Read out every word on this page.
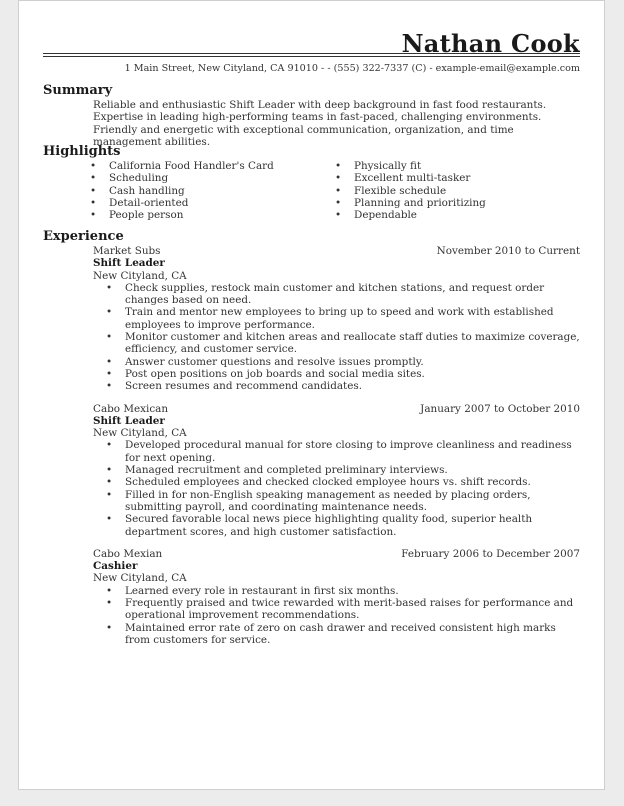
Nathan Cook
1 Main Street, New Cityland, CA 91010 - - (555) 322-7337 (C) - example-email@example.com
Summary
Reliable and enthusiastic Shift Leader with deep background in fast food restaurants. Expertise in leading high-performing teams in fast-paced, challenging environments. Friendly and energetic with exceptional communication, organization, and time management abilities.
Highlights
• California Food Handler's Card
• Scheduling
• Cash handling
• Detail-oriented
• People person
• Physically fit
• Excellent multi-tasker
• Flexible schedule
• Planning and prioritizing
• Dependable
Experience
Market Subs	November 2010 to Current
Shift Leader
New Cityland, CA
• Check supplies, restock main customer and kitchen stations, and request order changes based on need.
• Train and mentor new employees to bring up to speed and work with established employees to improve performance.
• Monitor customer and kitchen areas and reallocate staff duties to maximize coverage, efficiency, and customer service.
• Answer customer questions and resolve issues promptly.
• Post open positions on job boards and social media sites.
• Screen resumes and recommend candidates.
Cabo Mexican	January 2007 to October 2010
Shift Leader
New Cityland, CA
• Developed procedural manual for store closing to improve cleanliness and readiness for next opening.
• Managed recruitment and completed preliminary interviews.
• Scheduled employees and checked clocked employee hours vs. shift records.
• Filled in for non-English speaking management as needed by placing orders, submitting payroll, and coordinating maintenance needs.
• Secured favorable local news piece highlighting quality food, superior health department scores, and high customer satisfaction.
Cabo Mexian	February 2006 to December 2007
Cashier
New Cityland, CA
• Learned every role in restaurant in first six months.
• Frequently praised and twice rewarded with merit-based raises for performance and operational improvement recommendations.
• Maintained error rate of zero on cash drawer and received consistent high marks from customers for service.
